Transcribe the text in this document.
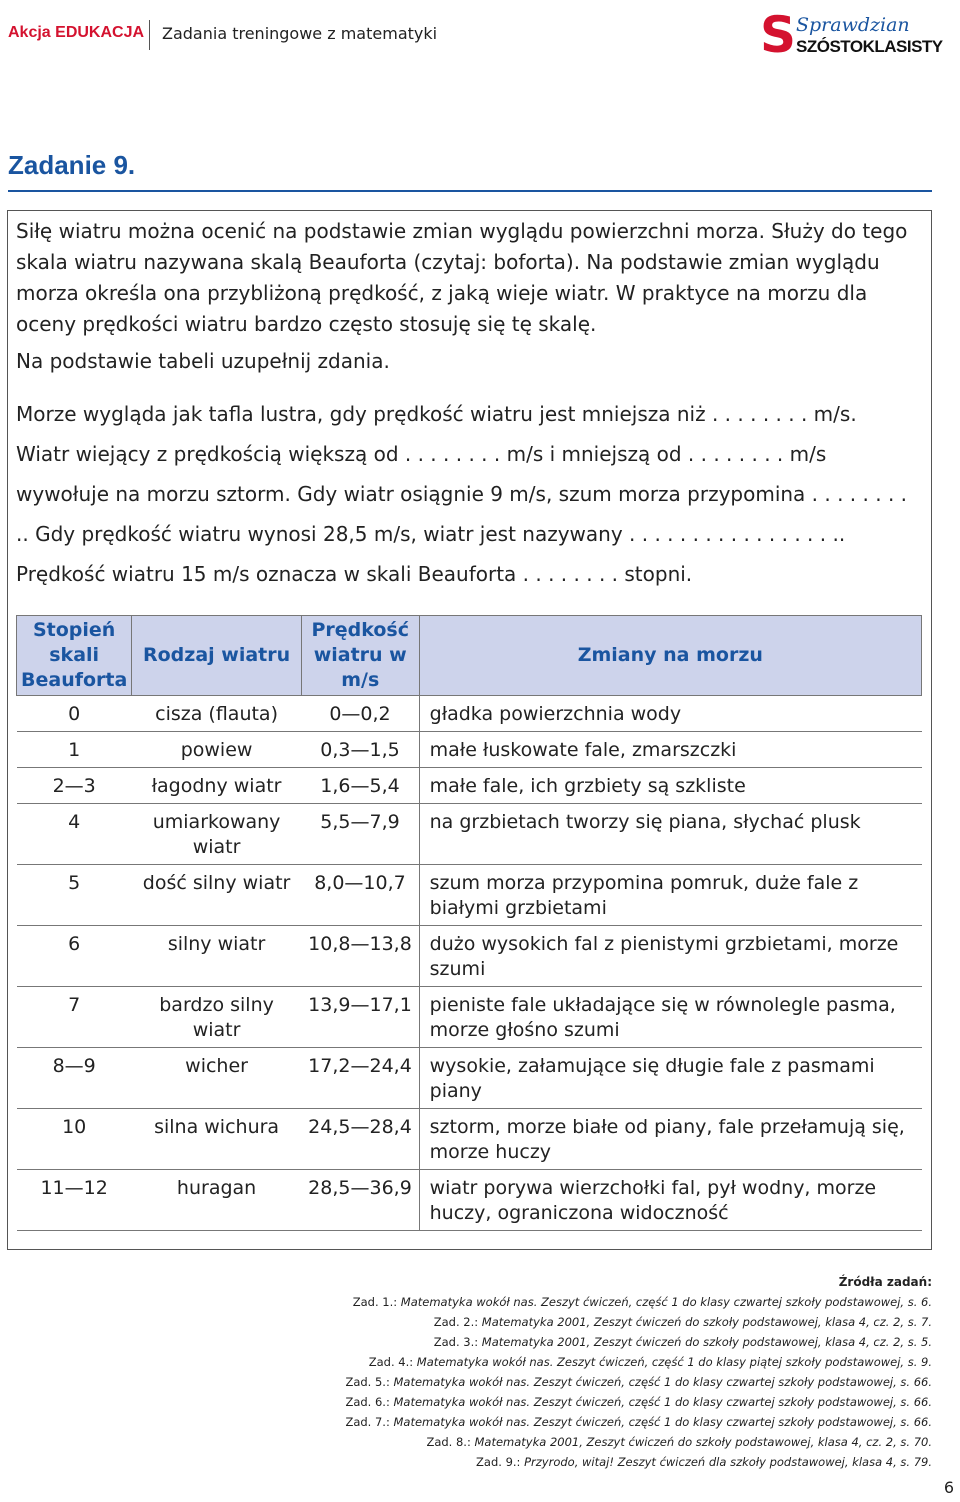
Akcja EDUKACJA Zadania treningowe z matematyki	S Sprawdzian
SZÓSTOKLASISTY
Zadanie 9.
Siłę wiatru można ocenić na podstawie zmian wyglądu powierzchni morza. Służy do tego skala wiatru nazywana skalą Beauforta (czytaj: boforta). Na podstawie zmian wyglądu morza określa ona przybliżoną prędkość, z jaką wieje wiatr. W praktyce na morzu dla oceny prędkości wiatru bardzo często stosuję się tę skalę.
Na podstawie tabeli uzupełnij zdania.
Morze wygląda jak tafla lustra, gdy prędkość wiatru jest mniejsza niż . . . . . . . . m/s. Wiatr wiejący z prędkością większą od . . . . . . . . m/s i mniejszą od . . . . . . . . m/s wywołuje na morzu sztorm. Gdy wiatr osiągnie 9 m/s, szum morza przypomina . . . . . . . . .. Gdy prędkość wiatru wynosi 28,5 m/s, wiatr jest nazywany . . . . . . . . . . . . . . . . .. Prędkość wiatru 15 m/s oznacza w skali Beauforta . . . . . . . . stopni.
Stopień skali Beauforta	Rodzaj wiatru	Prędkość wiatru w m/s	Zmiany na morzu
0	cisza (flauta)	0—0,2	gładka powierzchnia wody
1	powiew	0,3—1,5	małe łuskowate fale, zmarszczki
2—3	łagodny wiatr	1,6—5,4	małe fale, ich grzbiety są szkliste
4	umiarkowany wiatr	5,5—7,9	na grzbietach tworzy się piana, słychać plusk
5	dość silny wiatr	8,0—10,7	szum morza przypomina pomruk, duże fale z białymi grzbietami
6	silny wiatr	10,8—13,8	dużo wysokich fal z pienistymi grzbietami, morze szumi
7	bardzo silny wiatr	13,9—17,1	pieniste fale układające się w równolegle pasma, morze głośno szumi
8—9	wicher	17,2—24,4	wysokie, załamujące się długie fale z pasmami piany
10	silna wichura	24,5—28,4	sztorm, morze białe od piany, fale przełamują się, morze huczy
11—12	huragan	28,5—36,9	wiatr porywa wierzchołki fal, pył wodny, morze huczy, ograniczona widoczność
Źródła zadań:
Zad. 1.: Matematyka wokół nas. Zeszyt ćwiczeń, część 1 do klasy czwartej szkoły podstawowej, s. 6.
Zad. 2.: Matematyka 2001, Zeszyt ćwiczeń do szkoły podstawowej, klasa 4, cz. 2, s. 7.
Zad. 3.: Matematyka 2001, Zeszyt ćwiczeń do szkoły podstawowej, klasa 4, cz. 2, s. 5.
Zad. 4.: Matematyka wokół nas. Zeszyt ćwiczeń, część 1 do klasy piątej szkoły podstawowej, s. 9.
Zad. 5.: Matematyka wokół nas. Zeszyt ćwiczeń, część 1 do klasy czwartej szkoły podstawowej, s. 66.
Zad. 6.: Matematyka wokół nas. Zeszyt ćwiczeń, część 1 do klasy czwartej szkoły podstawowej, s. 66.
Zad. 7.: Matematyka wokół nas. Zeszyt ćwiczeń, część 1 do klasy czwartej szkoły podstawowej, s. 66.
Zad. 8.: Matematyka 2001, Zeszyt ćwiczeń do szkoły podstawowej, klasa 4, cz. 2, s. 70.
Zad. 9.: Przyrodo, witaj! Zeszyt ćwiczeń dla szkoły podstawowej, klasa 4, s. 79.
6
